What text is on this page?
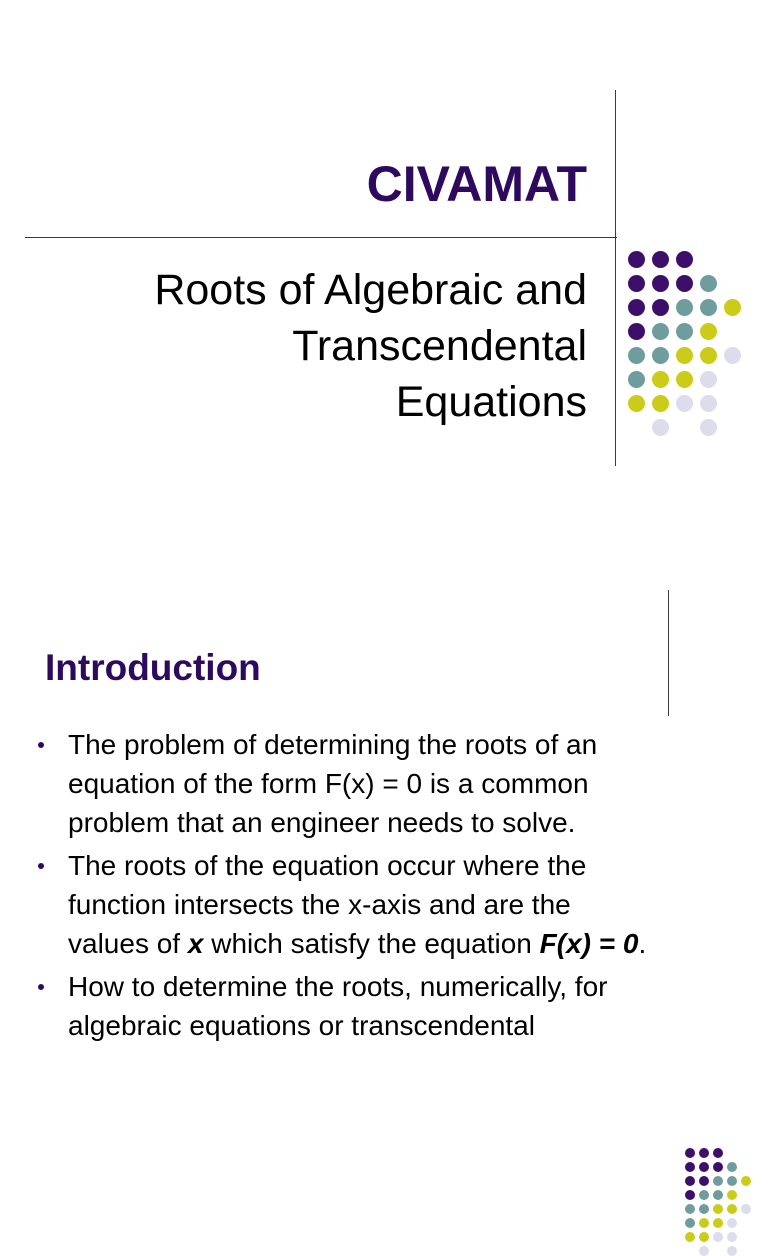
CIVAMAT
Roots of Algebraic and
Transcendental
Equations
Introduction
The problem of determining the roots of an
equation of the form F(x) = 0 is a common
problem that an engineer needs to solve.
The roots of the equation occur where the
function intersects the x-axis and are the
values of x which satisfy the equation F(x) = 0.
How to determine the roots, numerically, for
algebraic equations or transcendental
